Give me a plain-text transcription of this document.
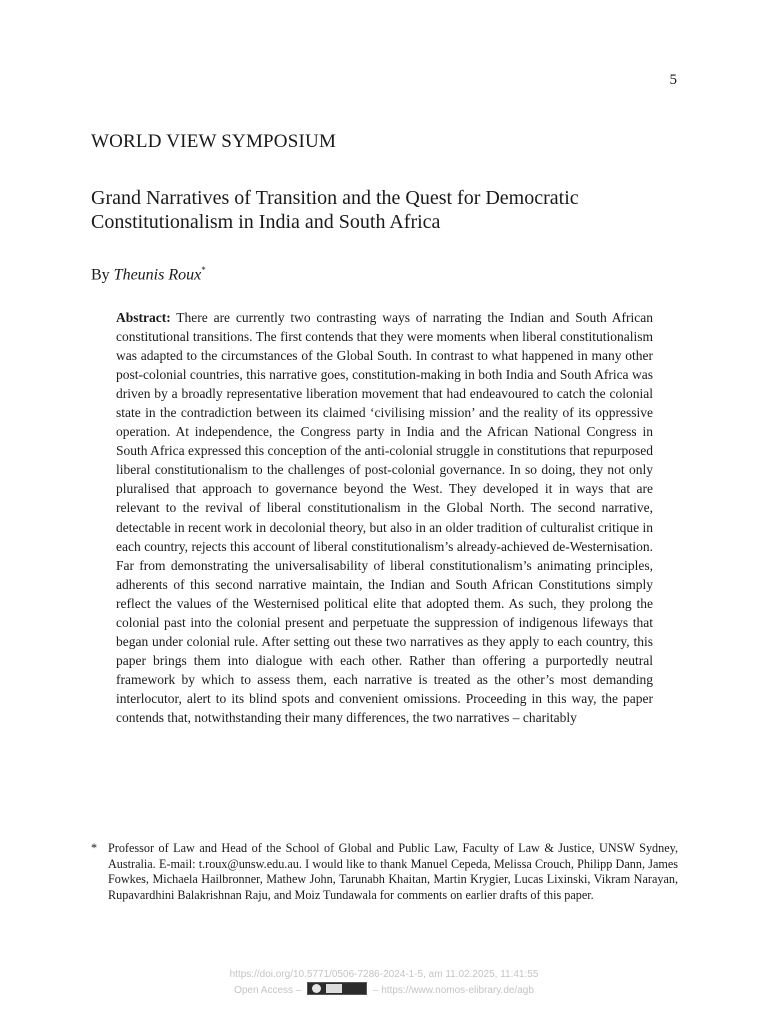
5
WORLD VIEW SYMPOSIUM
Grand Narratives of Transition and the Quest for Democratic Constitutionalism in India and South Africa
By Theunis Roux*

Abstract: There are currently two contrasting ways of narrating the Indian and South African constitutional transitions. The first contends that they were moments when liberal constitutionalism was adapted to the circumstances of the Global South. In contrast to what happened in many other post-colonial countries, this narrative goes, constitution-making in both India and South Africa was driven by a broadly representative liberation movement that had endeavoured to catch the colonial state in the contradiction between its claimed ‘civilising mission’ and the reality of its oppressive operation. At independence, the Congress party in India and the African National Congress in South Africa expressed this conception of the anti-colonial struggle in constitutions that repurposed liberal constitutionalism to the challenges of post-colonial governance. In so doing, they not only pluralised that approach to governance beyond the West. They developed it in ways that are relevant to the revival of liberal constitutionalism in the Global North. The second narrative, detectable in recent work in decolonial theory, but also in an older tradition of culturalist critique in each country, rejects this account of liberal constitutionalism’s already-achieved de-Westernisation. Far from demonstrating the universalisability of liberal constitutionalism’s animating principles, adherents of this second narrative maintain, the Indian and South African Constitutions simply reflect the values of the Westernised political elite that adopted them. As such, they prolong the colonial past into the colonial present and perpetuate the suppression of indigenous lifeways that began under colonial rule. After setting out these two narratives as they apply to each country, this paper brings them into dialogue with each other. Rather than offering a purportedly neutral framework by which to assess them, each narrative is treated as the other’s most demanding interlocutor, alert to its blind spots and convenient omissions. Proceeding in this way, the paper contends that, notwithstanding their many differences, the two narratives – charitably

* Professor of Law and Head of the School of Global and Public Law, Faculty of Law & Justice, UNSW Sydney, Australia. E-mail: t.roux@unsw.edu.au. I would like to thank Manuel Cepeda, Melissa Crouch, Philipp Dann, James Fowkes, Michaela Hailbronner, Mathew John, Tarunabh Khaitan, Martin Krygier, Lucas Lixinski, Vikram Narayan, Rupavardhini Balakrishnan Raju, and Moiz Tundawala for comments on earlier drafts of this paper.
https://doi.org/10.5771/0506-7286-2024-1-5, am 11.02.2025, 11:41:55
Open Access –	– https://www.nomos-elibrary.de/agb
